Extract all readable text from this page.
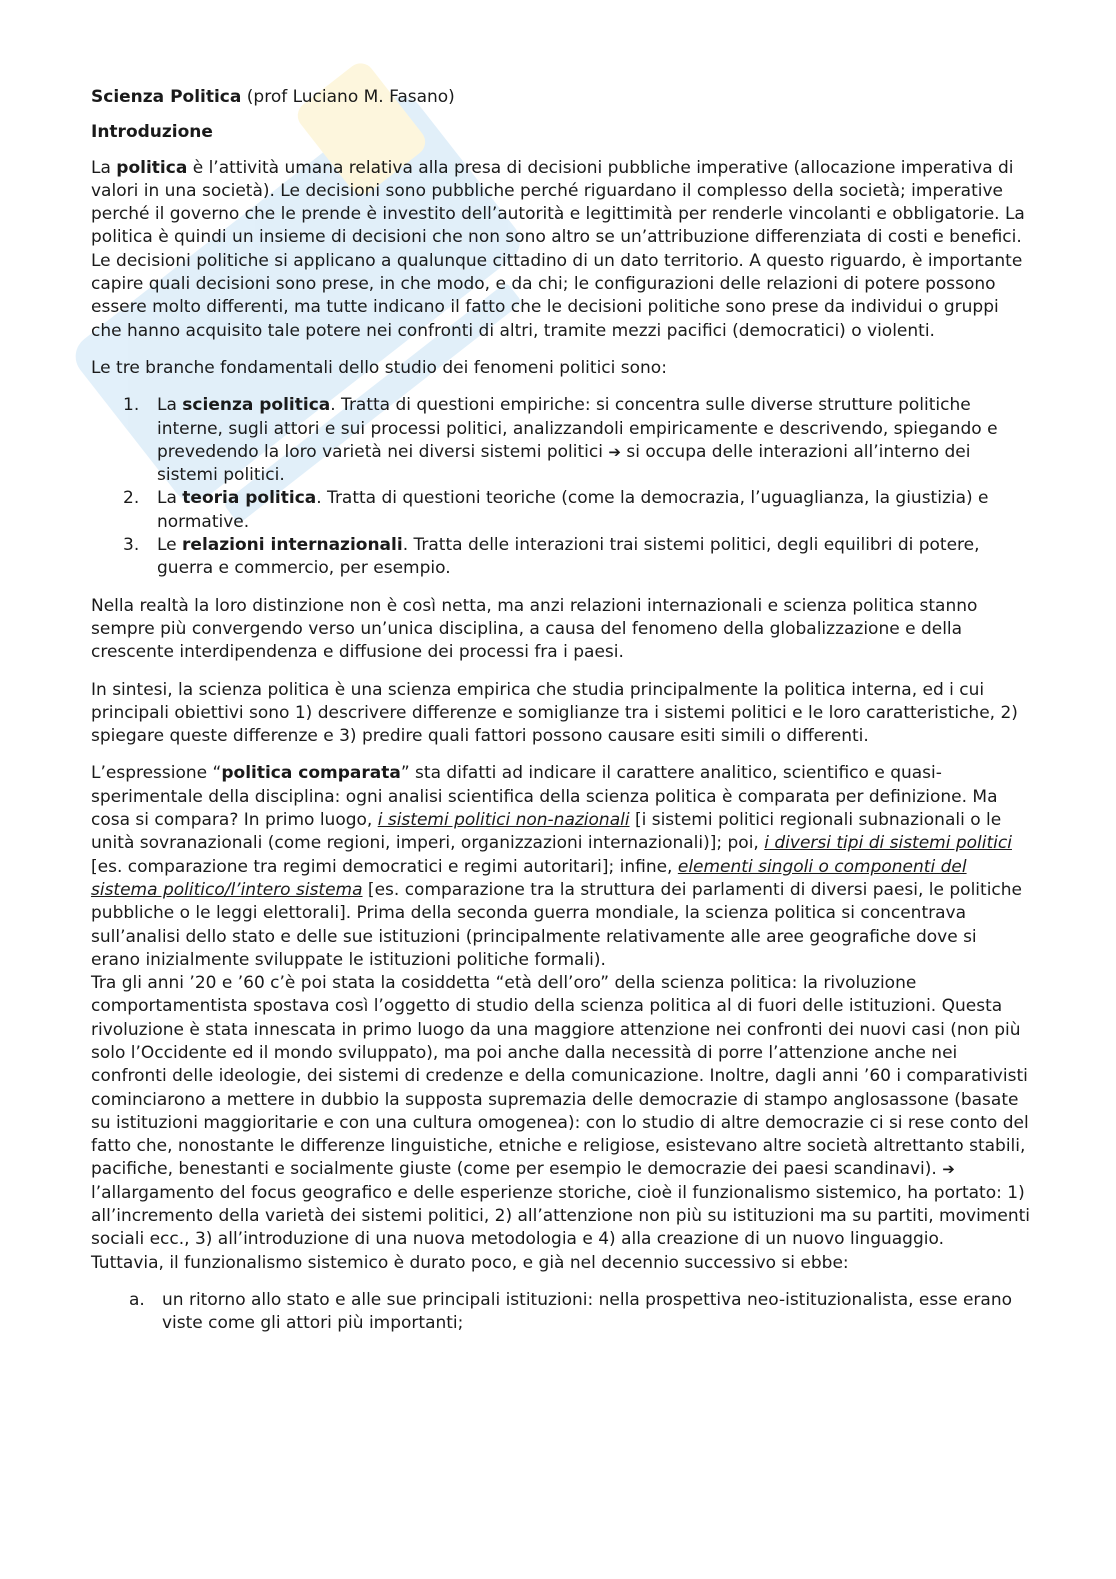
Scienza Politica (prof Luciano M. Fasano)

Introduzione

La politica è l’attività umana relativa alla presa di decisioni pubbliche imperative (allocazione imperativa di valori in una società). Le decisioni sono pubbliche perché riguardano il complesso della società; imperative perché il governo che le prende è investito dell’autorità e legittimità per renderle vincolanti e obbligatorie. La politica è quindi un insieme di decisioni che non sono altro se un’attribuzione differenziata di costi e benefici. Le decisioni politiche si applicano a qualunque cittadino di un dato territorio. A questo riguardo, è importante capire quali decisioni sono prese, in che modo, e da chi; le configurazioni delle relazioni di potere possono essere molto differenti, ma tutte indicano il fatto che le decisioni politiche sono prese da individui o gruppi che hanno acquisito tale potere nei confronti di altri, tramite mezzi pacifici (democratici) o violenti.

Le tre branche fondamentali dello studio dei fenomeni politici sono:

1. La scienza politica. Tratta di questioni empiriche: si concentra sulle diverse strutture politiche interne, sugli attori e sui processi politici, analizzandoli empiricamente e descrivendo, spiegando e prevedendo la loro varietà nei diversi sistemi politici ➔ si occupa delle interazioni all’interno dei sistemi politici.
2. La teoria politica. Tratta di questioni teoriche (come la democrazia, l’uguaglianza, la giustizia) e normative.
3. Le relazioni internazionali. Tratta delle interazioni trai sistemi politici, degli equilibri di potere, guerra e commercio, per esempio.

Nella realtà la loro distinzione non è così netta, ma anzi relazioni internazionali e scienza politica stanno sempre più convergendo verso un’unica disciplina, a causa del fenomeno della globalizzazione e della crescente interdipendenza e diffusione dei processi fra i paesi.

In sintesi, la scienza politica è una scienza empirica che studia principalmente la politica interna, ed i cui principali obiettivi sono 1) descrivere differenze e somiglianze tra i sistemi politici e le loro caratteristiche, 2) spiegare queste differenze e 3) predire quali fattori possono causare esiti simili o differenti.

L’espressione “politica comparata” sta difatti ad indicare il carattere analitico, scientifico e quasi-sperimentale della disciplina: ogni analisi scientifica della scienza politica è comparata per definizione. Ma cosa si compara? In primo luogo, i sistemi politici non-nazionali [i sistemi politici regionali subnazionali o le unità sovranazionali (come regioni, imperi, organizzazioni internazionali)]; poi, i diversi tipi di sistemi politici [es. comparazione tra regimi democratici e regimi autoritari]; infine, elementi singoli o componenti del sistema politico/l’intero sistema [es. comparazione tra la struttura dei parlamenti di diversi paesi, le politiche pubbliche o le leggi elettorali]. Prima della seconda guerra mondiale, la scienza politica si concentrava sull’analisi dello stato e delle sue istituzioni (principalmente relativamente alle aree geografiche dove si erano inizialmente sviluppate le istituzioni politiche formali).

Tra gli anni ’20 e ’60 c’è poi stata la cosiddetta “età dell’oro” della scienza politica: la rivoluzione comportamentista spostava così l’oggetto di studio della scienza politica al di fuori delle istituzioni. Questa rivoluzione è stata innescata in primo luogo da una maggiore attenzione nei confronti dei nuovi casi (non più solo l’Occidente ed il mondo sviluppato), ma poi anche dalla necessità di porre l’attenzione anche nei confronti delle ideologie, dei sistemi di credenze e della comunicazione. Inoltre, dagli anni ’60 i comparativisti cominciarono a mettere in dubbio la supposta supremazia delle democrazie di stampo anglosassone (basate su istituzioni maggioritarie e con una cultura omogenea): con lo studio di altre democrazie ci si rese conto del fatto che, nonostante le differenze linguistiche, etniche e religiose, esistevano altre società altrettanto stabili, pacifiche, benestanti e socialmente giuste (come per esempio le democrazie dei paesi scandinavi). ➔ l’allargamento del focus geografico e delle esperienze storiche, cioè il funzionalismo sistemico, ha portato: 1) all’incremento della varietà dei sistemi politici, 2) all’attenzione non più su istituzioni ma su partiti, movimenti sociali ecc., 3) all’introduzione di una nuova metodologia e 4) alla creazione di un nuovo linguaggio.

Tuttavia, il funzionalismo sistemico è durato poco, e già nel decennio successivo si ebbe:

a. un ritorno allo stato e alle sue principali istituzioni: nella prospettiva neo-istituzionalista, esse erano viste come gli attori più importanti;
